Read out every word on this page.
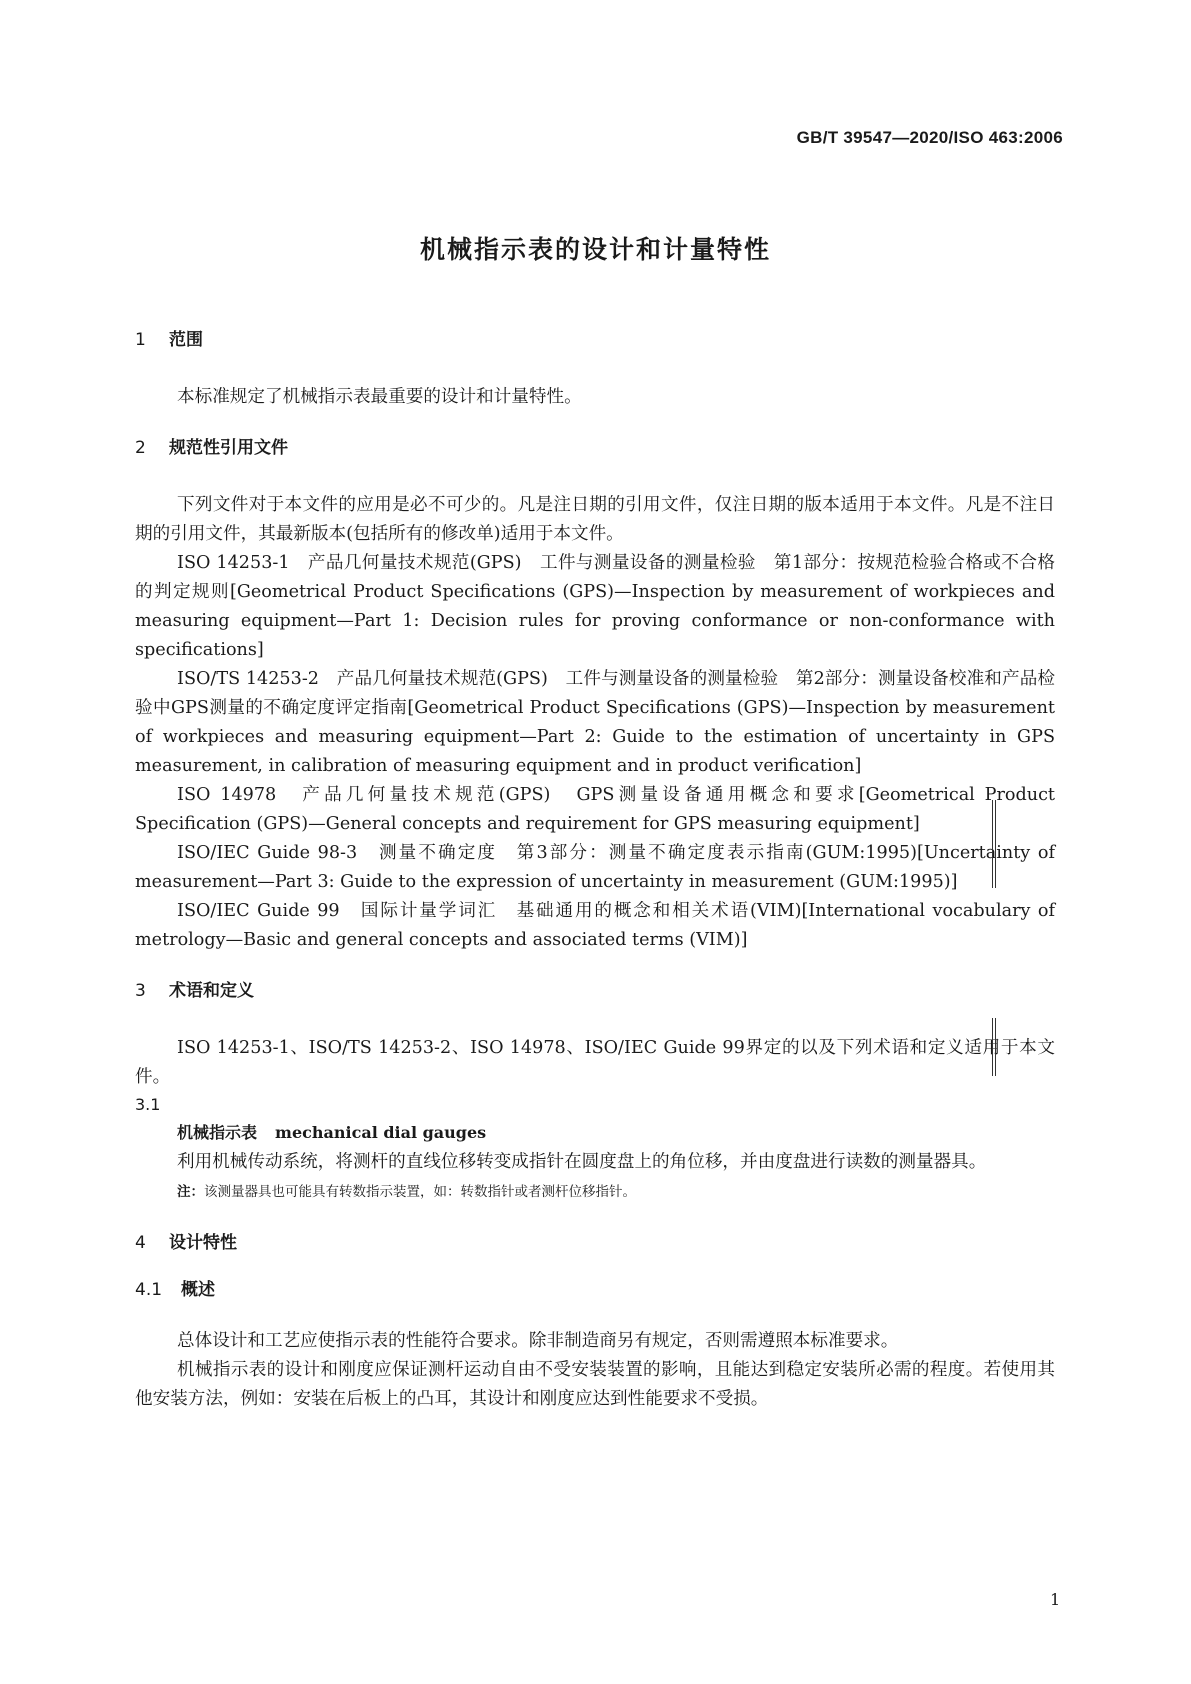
GB/T 39547—2020/ISO 463:2006
机械指示表的设计和计量特性
1 范围
本标准规定了机械指示表最重要的设计和计量特性。
2 规范性引用文件
下列文件对于本文件的应用是必不可少的。凡是注日期的引用文件，仅注日期的版本适用于本文件。凡是不注日期的引用文件，其最新版本(包括所有的修改单)适用于本文件。
ISO 14253-1　产品几何量技术规范(GPS)　工件与测量设备的测量检验　第1部分：按规范检验合格或不合格的判定规则[Geometrical Product Specifications (GPS)—Inspection by measurement of workpieces and measuring equipment—Part 1: Decision rules for proving conformance or non-conformance with specifications]
ISO/TS 14253-2　产品几何量技术规范(GPS)　工件与测量设备的测量检验　第2部分：测量设备校准和产品检验中GPS测量的不确定度评定指南[Geometrical Product Specifications (GPS)—Inspection by measurement of workpieces and measuring equipment—Part 2: Guide to the estimation of uncertainty in GPS measurement, in calibration of measuring equipment and in product verification]
ISO 14978　产品几何量技术规范(GPS)　GPS测量设备通用概念和要求[Geometrical Product Specification (GPS)—General concepts and requirement for GPS measuring equipment]
ISO/IEC Guide 98-3　测量不确定度　第3部分：测量不确定度表示指南(GUM:1995)[Uncertainty of measurement—Part 3: Guide to the expression of uncertainty in measurement (GUM:1995)]
ISO/IEC Guide 99　国际计量学词汇　基础通用的概念和相关术语(VIM)[International vocabulary of metrology—Basic and general concepts and associated terms (VIM)]
3 术语和定义
ISO 14253-1、ISO/TS 14253-2、ISO 14978、ISO/IEC Guide 99界定的以及下列术语和定义适用于本文件。
3.1
机械指示表 mechanical dial gauges
利用机械传动系统，将测杆的直线位移转变成指针在圆度盘上的角位移，并由度盘进行读数的测量器具。
注：该测量器具也可能具有转数指示装置，如：转数指针或者测杆位移指针。
4 设计特性
4.1 概述
总体设计和工艺应使指示表的性能符合要求。除非制造商另有规定，否则需遵照本标准要求。
机械指示表的设计和刚度应保证测杆运动自由不受安装装置的影响，且能达到稳定安装所必需的程度。若使用其他安装方法，例如：安装在后板上的凸耳，其设计和刚度应达到性能要求不受损。
1
